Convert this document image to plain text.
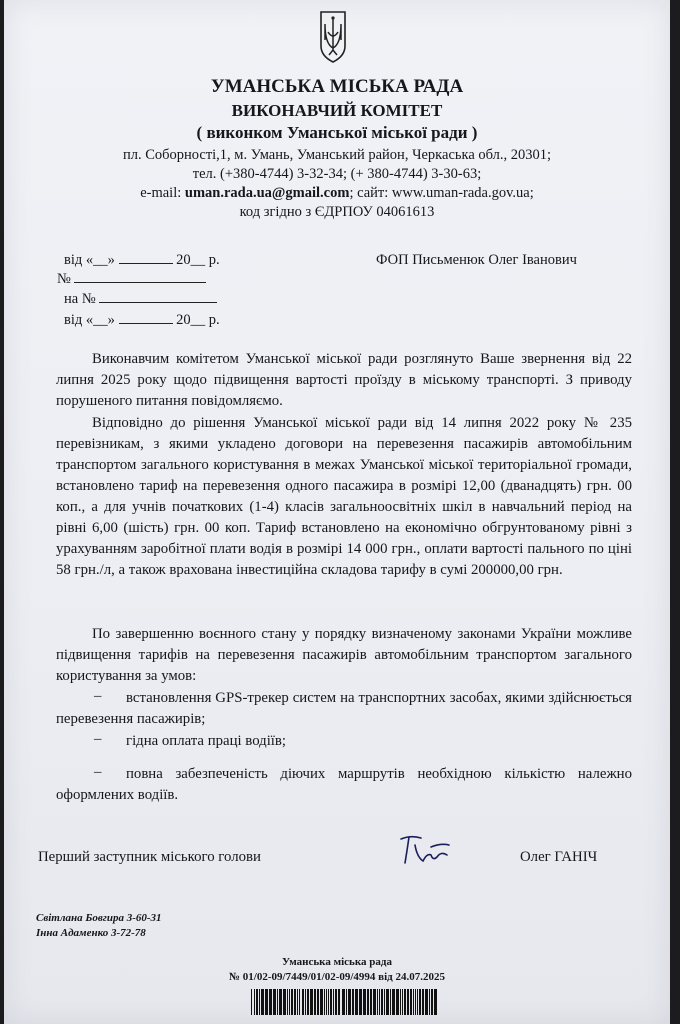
УМАНСЬКА МІСЬКА РАДА
ВИКОНАВЧИЙ КОМІТЕТ
( виконком Уманської міської ради )
пл. Соборності,1, м. Умань, Уманський район, Черкаська обл., 20301;
тел. (+380-4744) 3-32-34; (+ 380-4744) 3-30-63;
e-mail: uman.rada.ua@gmail.com; сайт: www.uman-rada.gov.ua;
код згідно з ЄДРПОУ 04061613
від «__»	20__ р.
№
на №
від «__»	20__ р.
ФОП Письменюк Олег Іванович
Виконавчим комітетом Уманської міської ради розглянуто Ваше звернення від 22 липня 2025 року щодо підвищення вартості проїзду в міському транспорті. З приводу порушеного питання повідомляємо.
Відповідно до рішення Уманської міської ради від 14 липня 2022 року № 235 перевізникам, з якими укладено договори на перевезення пасажирів автомобільним транспортом загального користування в межах Уманської міської територіальної громади, встановлено тариф на перевезення одного пасажира в розмірі 12,00 (дванадцять) грн. 00 коп., а для учнів початкових (1-4) класів загальноосвітніх шкіл в навчальний період на рівні 6,00 (шість) грн. 00 коп. Тариф встановлено на економічно обгрунтованому рівні з урахуванням заробітної плати водія в розмірі 14 000 грн., оплати вартості пального по ціні 58 грн./л, а також врахована інвестиційна складова тарифу в сумі 200000,00 грн.
По завершенню воєнного стану у порядку визначеному законами України можливе підвищення тарифів на перевезення пасажирів автомобільним транспортом загального користування за умов:
–	встановлення GPS-трекер систем на транспортних засобах, якими здійснюється перевезення пасажирів;
–	гідна оплата праці водіїв;
–	повна забезпеченість діючих маршрутів необхідною кількістю належно оформлених водіїв.
Перший заступник міського голови	Олег ГАНІЧ
Світлана Бовгира 3-60-31
Інна Адаменко 3-72-78
Уманська міська рада
№ 01/02-09/7449/01/02-09/4994 від 24.07.2025
